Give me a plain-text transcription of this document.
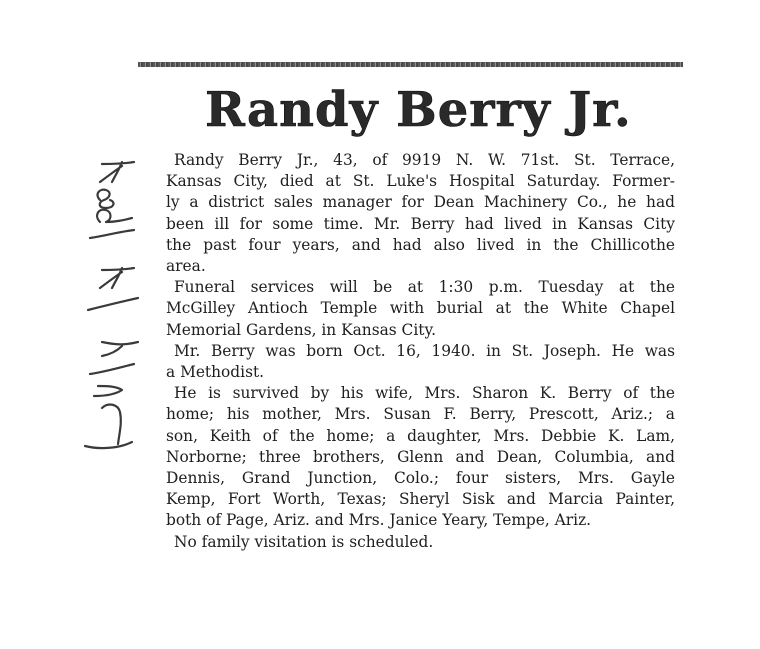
Randy Berry Jr.
July 14 1984	Randy Berry Jr., 43, of 9919 N. W. 71st. St. Terrace,
Kansas City, died at St. Luke's Hospital Saturday. Former-
ly a district sales manager for Dean Machinery Co., he had
been ill for some time. Mr. Berry had lived in Kansas City
the past four years, and had also lived in the Chillicothe
area.

Funeral services will be at 1:30 p.m. Tuesday at the
McGilley Antioch Temple with burial at the White Chapel
Memorial Gardens, in Kansas City.

Mr. Berry was born Oct. 16, 1940. in St. Joseph. He was
a Methodist.

He is survived by his wife, Mrs. Sharon K. Berry of the
home; his mother, Mrs. Susan F. Berry, Prescott, Ariz.; a
son, Keith of the home; a daughter, Mrs. Debbie K. Lam,
Norborne; three brothers, Glenn and Dean, Columbia, and
Dennis, Grand Junction, Colo.; four sisters, Mrs. Gayle
Kemp, Fort Worth, Texas; Sheryl Sisk and Marcia Painter,
both of Page, Ariz. and Mrs. Janice Yeary, Tempe, Ariz.

No family visitation is scheduled.
